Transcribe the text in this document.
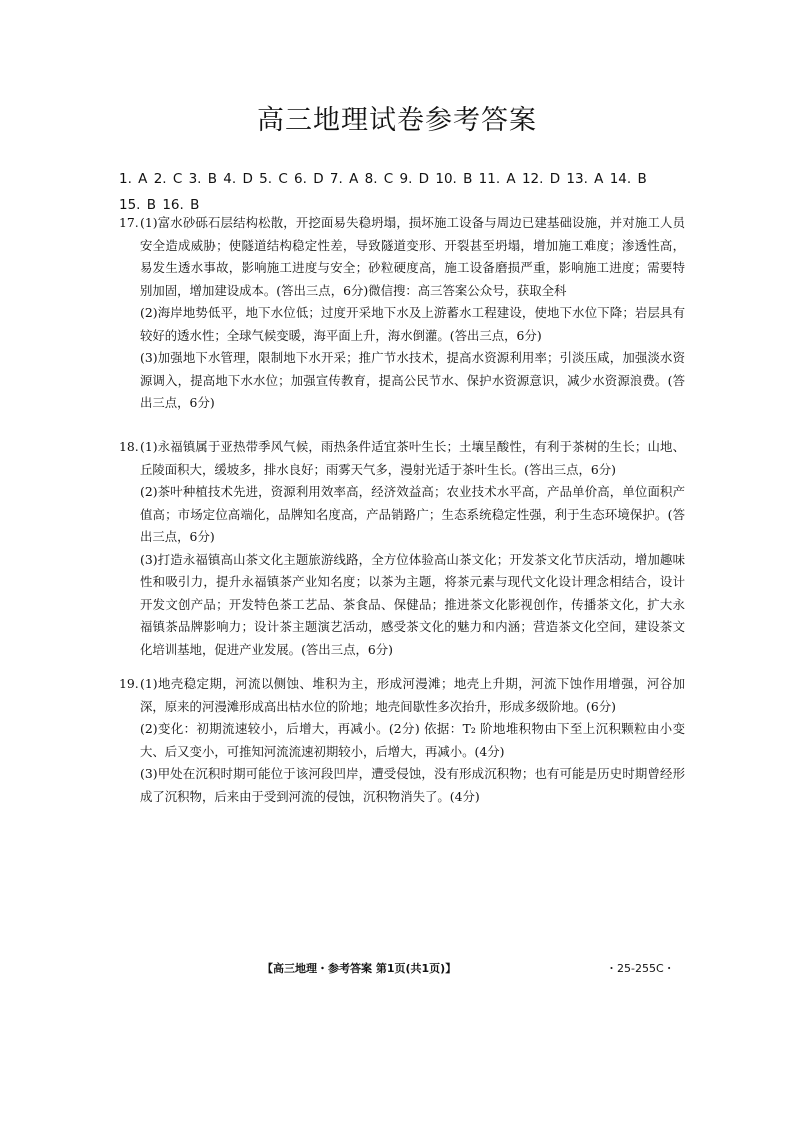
高三地理试卷参考答案
1. A 2. C 3. B 4. D 5. C 6. D 7. A 8. C 9. D 10. B 11. A 12. D 13. A 14. B
15. B 16. B
17. (1)富水砂砾石层结构松散，开挖面易失稳坍塌，损坏施工设备与周边已建基础设施，并对施工人员安全造成威胁；使隧道结构稳定性差，导致隧道变形、开裂甚至坍塌，增加施工难度；渗透性高，易发生透水事故，影响施工进度与安全；砂粒硬度高，施工设备磨损严重，影响施工进度；需要特别加固，增加建设成本。(答出三点，6分)微信搜：高三答案公众号，获取全科

(2)海岸地势低平，地下水位低；过度开采地下水及上游蓄水工程建设，使地下水位下降；岩层具有较好的透水性；全球气候变暖，海平面上升，海水倒灌。(答出三点，6分)

(3)加强地下水管理，限制地下水开采；推广节水技术，提高水资源利用率；引淡压咸，加强淡水资源调入，提高地下水水位；加强宣传教育，提高公民节水、保护水资源意识，减少水资源浪费。(答出三点，6分)

18. (1)永福镇属于亚热带季风气候，雨热条件适宜茶叶生长；土壤呈酸性，有利于茶树的生长；山地、丘陵面积大，缓坡多，排水良好；雨雾天气多，漫射光适于茶叶生长。(答出三点，6分)

(2)茶叶种植技术先进，资源利用效率高，经济效益高；农业技术水平高，产品单价高，单位面积产值高；市场定位高端化，品牌知名度高，产品销路广；生态系统稳定性强，利于生态环境保护。(答出三点，6分)

(3)打造永福镇高山茶文化主题旅游线路，全方位体验高山茶文化；开发茶文化节庆活动，增加趣味性和吸引力，提升永福镇茶产业知名度；以茶为主题，将茶元素与现代文化设计理念相结合，设计开发文创产品；开发特色茶工艺品、茶食品、保健品；推进茶文化影视创作，传播茶文化，扩大永福镇茶品牌影响力；设计茶主题演艺活动，感受茶文化的魅力和内涵；营造茶文化空间，建设茶文化培训基地，促进产业发展。(答出三点，6分)

19. (1)地壳稳定期，河流以侧蚀、堆积为主，形成河漫滩；地壳上升期，河流下蚀作用增强，河谷加深，原来的河漫滩形成高出枯水位的阶地；地壳间歇性多次抬升，形成多级阶地。(6分)

(2)变化：初期流速较小，后增大，再减小。(2分) 依据：T₂ 阶地堆积物由下至上沉积颗粒由小变大、后又变小，可推知河流流速初期较小，后增大，再减小。(4分)

(3)甲处在沉积时期可能位于该河段凹岸，遭受侵蚀，没有形成沉积物；也有可能是历史时期曾经形成了沉积物，后来由于受到河流的侵蚀，沉积物消失了。(4分)

【高三地理・参考答案 第1页(共1页)】	・25-255C・
